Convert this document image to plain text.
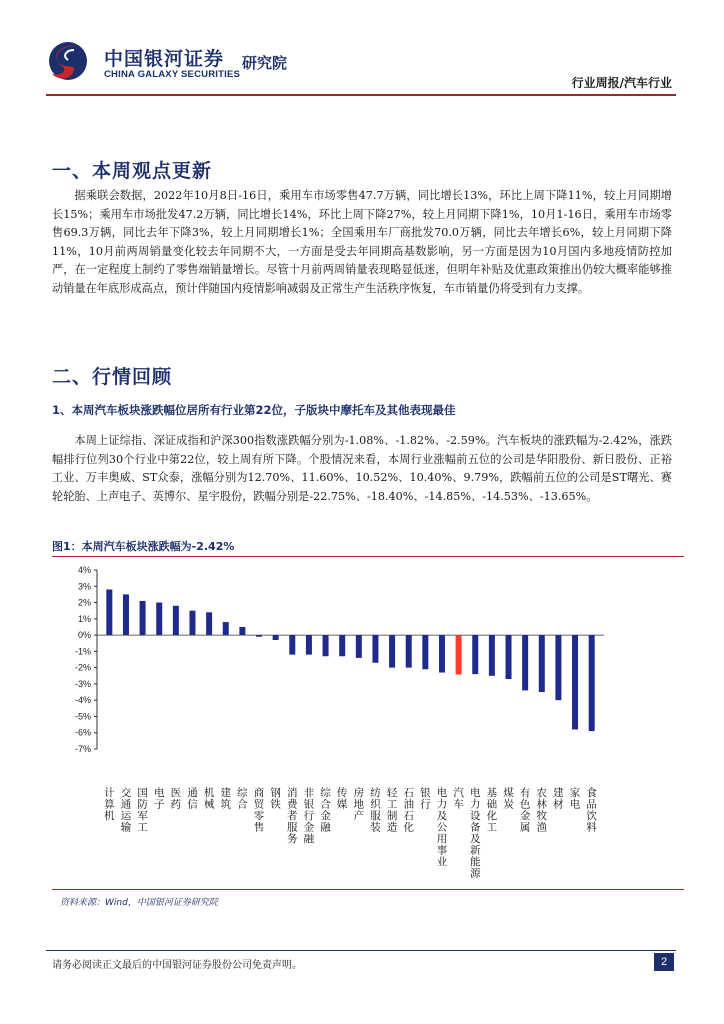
中国银河证券
CHINA GALAXY SECURITIES
研究院
行业周报/汽车行业
一、本周观点更新
据乘联会数据，2022年10月8日-16日，乘用车市场零售47.7万辆，同比增长13%，环比上周下降11%，较上月同期增长15%；乘用车市场批发47.2万辆，同比增长14%，环比上周下降27%，较上月同期下降1%，10月1-16日，乘用车市场零售69.3万辆，同比去年下降3%，较上月同期增长1%；全国乘用车厂商批发70.0万辆，同比去年增长6%，较上月同期下降11%，10月前两周销量变化较去年同期不大，一方面是受去年同期高基数影响，另一方面是因为10月国内多地疫情防控加严，在一定程度上制约了零售端销量增长。尽管十月前两周销量表现略显低迷，但明年补贴及优惠政策推出仍较大概率能够推动销量在年底形成高点，预计伴随国内疫情影响减弱及正常生产生活秩序恢复，车市销量仍将受到有力支撑。
二、行情回顾
1、本周汽车板块涨跌幅位居所有行业第22位，子版块中摩托车及其他表现最佳
本周上证综指、深证成指和沪深300指数涨跌幅分别为-1.08%、-1.82%、-2.59%。汽车板块的涨跌幅为-2.42%，涨跌幅排行位列30个行业中第22位，较上周有所下降。个股情况来看，本周行业涨幅前五位的公司是华阳股份、新日股份、正裕工业、万丰奥威、ST众泰，涨幅分别为12.70%、11.60%、10.52%、10.40%、9.79%，跌幅前五位的公司是ST曙光、赛轮轮胎、上声电子、英博尔、星宇股份，跌幅分别是-22.75%、-18.40%、-14.85%、-14.53%、-13.65%。
图1：本周汽车板块涨跌幅为-2.42%
4%
3%
2%
1%
0%
-1%
-2%
-3%
-4%
-5%
-6%
-7%
计算机
交通运输
国防军工
电子
医药
通信
机械
建筑
综合
商贸零售
钢铁
消费者服务
非银行金融
综合金融
传媒
房地产
纺织服装
轻工制造
石油石化
银行
电力及公用事业
汽车
电力设备及新能源
基础化工
煤炭
有色金属
农林牧渔
建材
家电
食品饮料
资料来源：Wind，中国银河证券研究院
请务必阅读正文最后的中国银河证券股份公司免责声明。	2
